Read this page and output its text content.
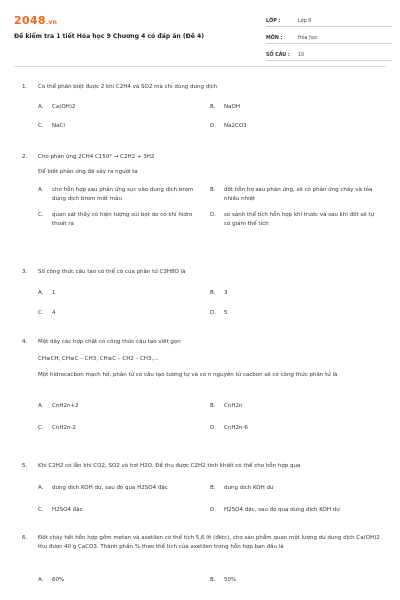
2048.vn
Đề kiểm tra 1 tiết Hóa học 9 Chương 4 có đáp án (Đề 4)
LỚP :	Lớp 9
MÔN :	Hóa học
SỐ CÂU :	10
1. Có thể phân biệt được 2 khí C2H4 và SO2 mà chỉ dùng dung dịch
A.	Ca(OH)2	B.	NaOH
C.	NaCl	D.	Na2CO3
2. Cho phản ứng 2CH4 C150° → C2H2 + 3H2
Để biết phản ứng đã xảy ra người ta
A.	cho hỗn hợp sau phản ứng sục vào dung dịch brom dung dịch brom mất màu
B.	đốt hỗn hợ sau phản ứng, sẽ có phản ứng cháy và tỏa nhiều nhiệt
C.	quan sát thấy có hiện tượng sủi bọt do có khí hidro thoát ra
D.	so sánh thể tích hỗn hợp khí trước và sau khi đốt sẽ tự có giảm thể tích
3. Số công thức cấu tạo có thể có của phân tử C3H8O là
A.	1	B.	3
C.	4	D.	5
4. Một dãy các hợp chất có công thức cấu tạo viết gọn
CH≡CH, CH≡C – CH3, CH≡C – CH2 – CH3,...
Một hidrocacbon mạch hở, phân tử có cấu tạo tương tự và có n nguyên tử cacbon sẽ có công thức phân tử là
A.	CnH2n+2	B.	CnH2n
C.	CnH2n-2	D.	CnH2n-6
5. Khí C2H2 có lẫn khí CO2, SO2 và hơi H2O. Để thu được C2H2 tinh khiết có thể cho hỗn hợp qua
A.	dung dịch KOH dư, sau đó qua H2SO4 đặc	B.	dung dịch KOH dư
C.	H2SO4 đặc	D.	H2SO4 đặc, sau đó qua dung dịch KOH dư
6. Đốt cháy hết hỗn hợp gồm metan và axetilen có thể tích 5,6 lít (đktc), cho sản phẩm quan một lượng dư dung dịch Ca(OH)2 thu được 40 g CaCO3. Thành phần % theo thể tích của axetilen trong hỗn hợp ban đầu là
A.	60%	B.	50%
